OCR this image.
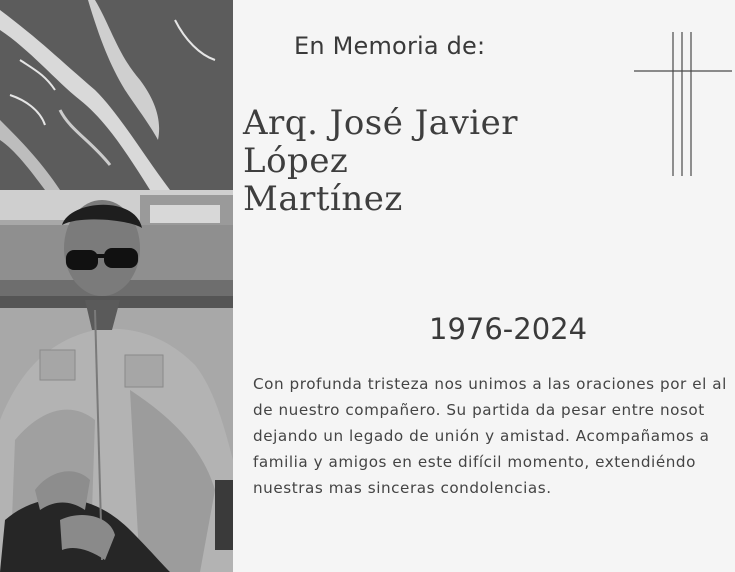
En Memoria de:
Arq. José Javier López
Martínez
1976-2024
Con profunda tristeza nos unimos a las oraciones por el al
de nuestro compañero. Su partida da pesar entre nosot
dejando un legado de unión y amistad. Acompañamos a
familia y amigos en este difícil momento, extendiéndo
nuestras mas sinceras condolencias.
